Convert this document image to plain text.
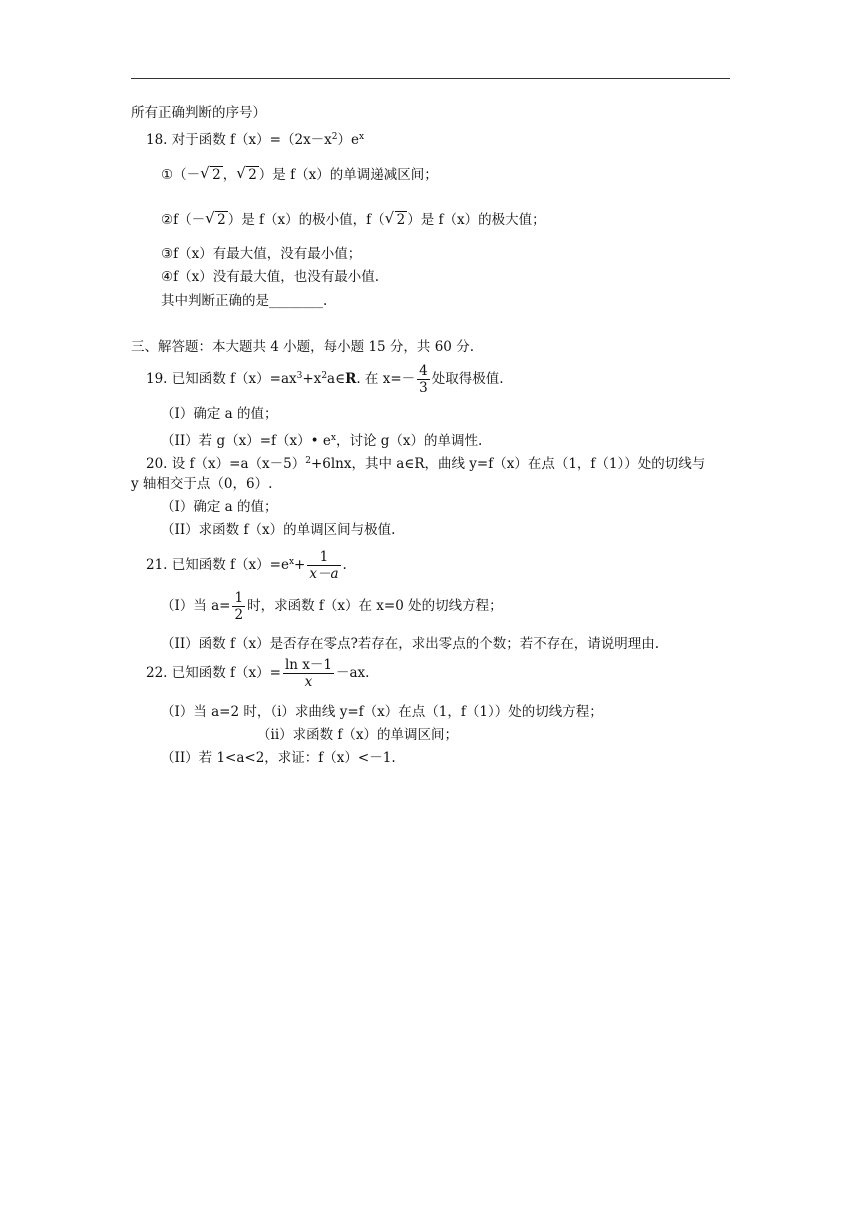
所有正确判断的序号）
18. 对于函数 $f(x)=(2x-x^2)e^x$
①（－ √ 2 ， √ 2 ）是 f（x）的单调递减区间；
②f（－ √ 2 ）是 f（x）的极小值，f（ √ 2 ）是 f（x）的极大值；
③f（x）有最大值，没有最小值；
④f（x）没有最大值，也没有最小值.
其中判断正确的是________.
三、解答题：本大题共 4 小题，每小题 15 分，共 60 分.
19. 已知函数 $f(x)=ax^3+x^2a\in R$. 在 $x=- \frac{4}{3}$ 处取得极值.
（I）确定 a 的值；
（II）若 g（x）=f（x）• $e^x$，讨论 g（x）的单调性.
20. 设 $f(x)=a(x-5)^2+6\ln x$，其中 a∈R，曲线 y=f（x）在点（1，f（1））处的切线与
y 轴相交于点（0，6）.
（I）确定 a 的值；
（II）求函数 f（x）的单调区间与极值.
21. 已知函数 $f(x)=e^x+ \frac{1}{x-a}$ .
（I）当 $a= \frac{1}{2}$ 时，求函数 f（x）在 x=0 处的切线方程；
（II）函数 f（x）是否存在零点?若存在，求出零点的个数；若不存在，请说明理由.
22. 已知函数 $f(x)= \frac{\text{ln x－1}}{x} -ax$.
（I）当 a=2 时，（i）求曲线 y=f（x）在点（1，f（1））处的切线方程；
（ii）求函数 f（x）的单调区间；
（II）若 1<a<2，求证：f（x）<－1.
